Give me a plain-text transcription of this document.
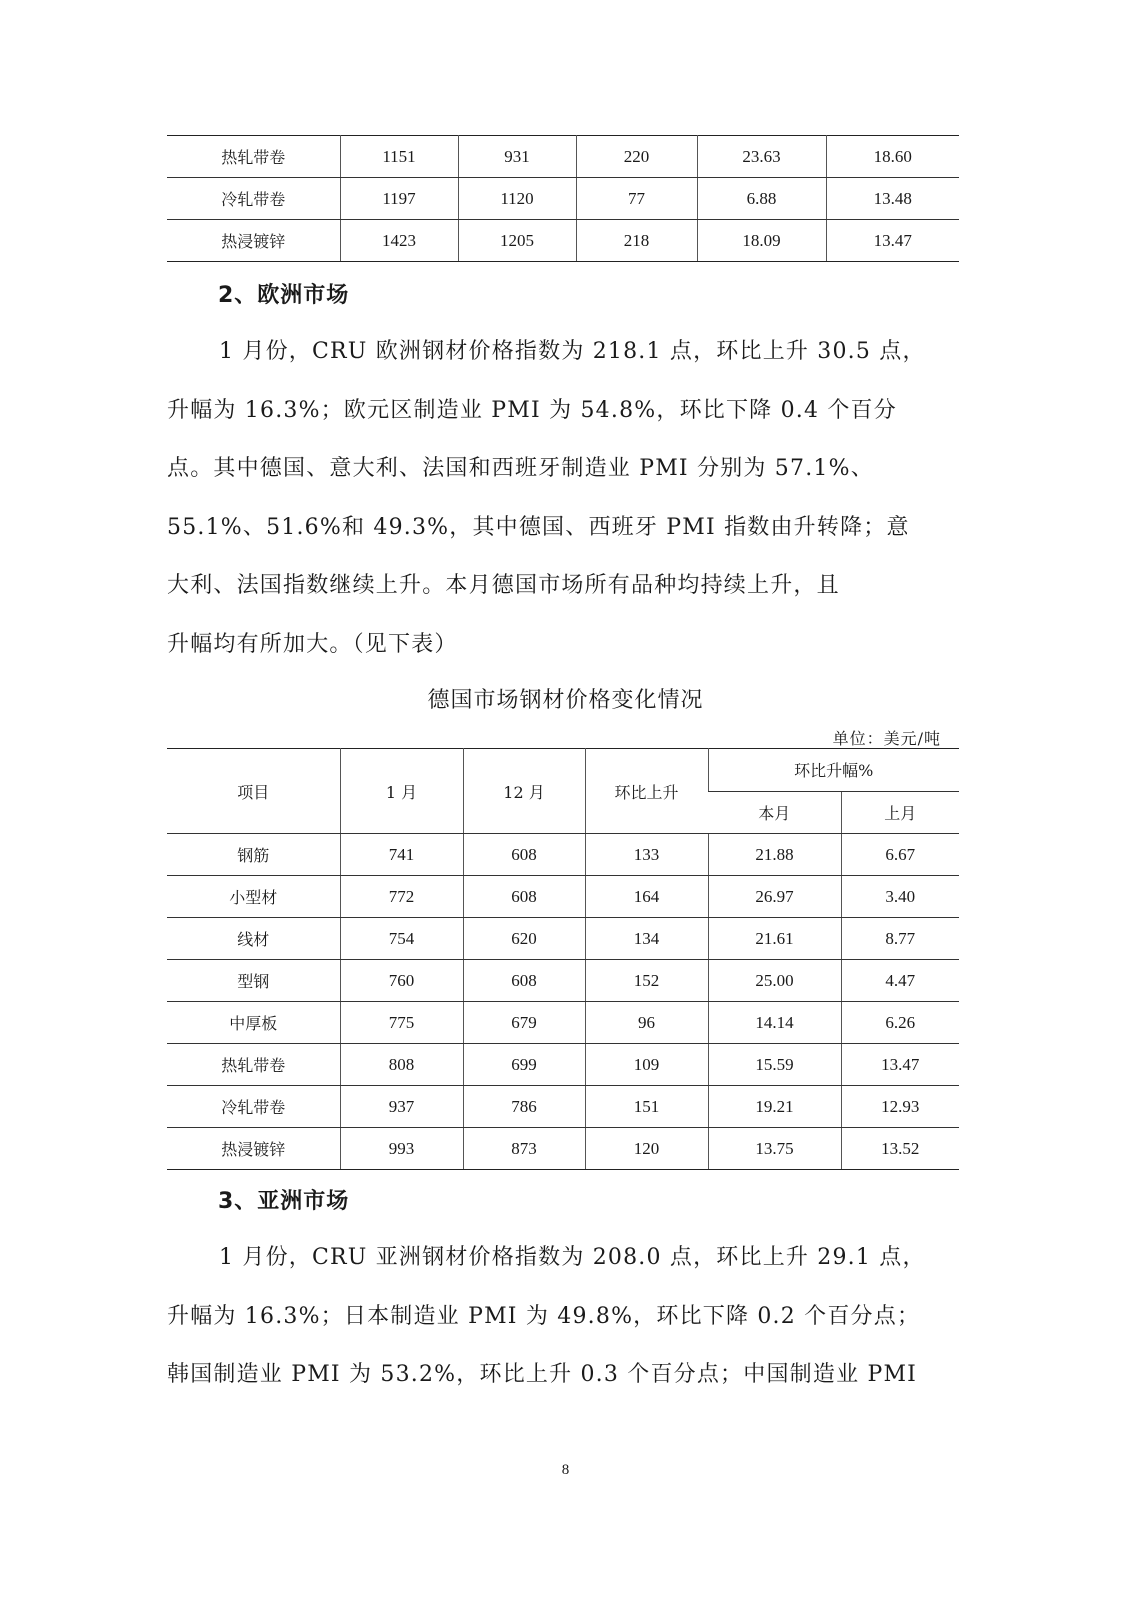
热轧带卷	1151	931	220	23.63	18.60
冷轧带卷	1197	1120	77	6.88	13.48
热浸镀锌	1423	1205	218	18.09	13.47
2、欧洲市场
1 月份，CRU 欧洲钢材价格指数为 218.1 点，环比上升 30.5 点，
升幅为 16.3%；欧元区制造业 PMI 为 54.8%，环比下降 0.4 个百分
点。其中德国、意大利、法国和西班牙制造业 PMI 分别为 57.1%、
55.1%、51.6%和 49.3%，其中德国、西班牙 PMI 指数由升转降；意
大利、法国指数继续上升。本月德国市场所有品种均持续上升，且
升幅均有所加大。（见下表）
德国市场钢材价格变化情况
单位：美元/吨
项目	1 月	12 月	环比上升	环比升幅%	
				本月	上月
钢筋	741	608	133	21.88	6.67
小型材	772	608	164	26.97	3.40
线材	754	620	134	21.61	8.77
型钢	760	608	152	25.00	4.47
中厚板	775	679	96	14.14	6.26
热轧带卷	808	699	109	15.59	13.47
冷轧带卷	937	786	151	19.21	12.93
热浸镀锌	993	873	120	13.75	13.52
3、亚洲市场
1 月份，CRU 亚洲钢材价格指数为 208.0 点，环比上升 29.1 点，
升幅为 16.3%；日本制造业 PMI 为 49.8%，环比下降 0.2 个百分点；
韩国制造业 PMI 为 53.2%，环比上升 0.3 个百分点；中国制造业 PMI
8
